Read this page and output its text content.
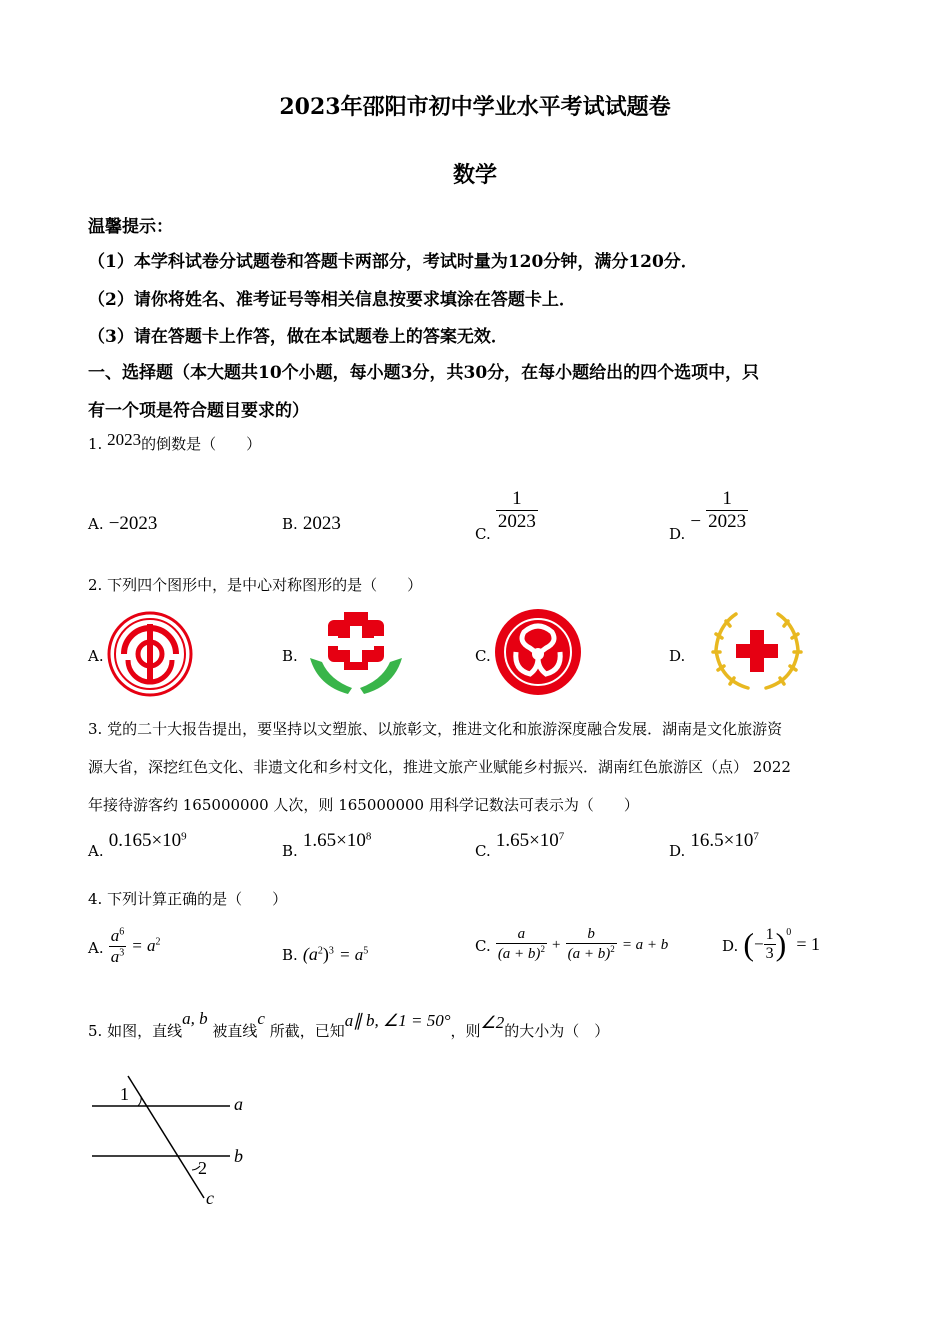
2023年邵阳市初中学业水平考试试题卷
数学
温馨提示：
（1）本学科试卷分试题卷和答题卡两部分，考试时量为120分钟，满分120分．
（2）请你将姓名、准考证号等相关信息按要求填涂在答题卡上．
（3）请在答题卡上作答，做在本试题卷上的答案无效．
一、选择题（本大题共10个小题，每小题3分，共30分，在每小题给出的四个选项中，只
有一个项是符合题目要求的）
1. 2023的倒数是（　　）
A. −2023	B. 2023	C.
$\frac{1}{2023}$
D. − $\frac{1}{2023}$
2. 下列四个图形中，是中心对称图形的是（　　）
A.	B.	C.	D.
3. 党的二十大报告提出，要坚持以文塑旅、以旅彰文，推进文化和旅游深度融合发展．湖南是文化旅游资
源大省，深挖红色文化、非遗文化和乡村文化，推进文旅产业赋能乡村振兴．湖南红色旅游区（点） 2022
年接待游客约 165000000 人次，则 165000000 用科学记数法可表示为（　　）
A. $0.165\times 10^9$
B. $1.65\times 10^8$
C. $1.65\times 10^7$
D. $16.5\times 10^7$
4. 下列计算正确的是（　　）
A. $\frac{a^6}{a^3} = a^2$
B. $(a^2)^3 = a^5$	C. $\frac{a}{(a + b)^2} + \frac{b}{(a + b)^2} = a + b$	D. (− $\frac{1}{3} )^0 = 1$
5. 如图，直线a, b 被直线c 所截，已知a∥ b, ∠1 = 50°，则∠2的大小为（　）
1
2
a
b
c
